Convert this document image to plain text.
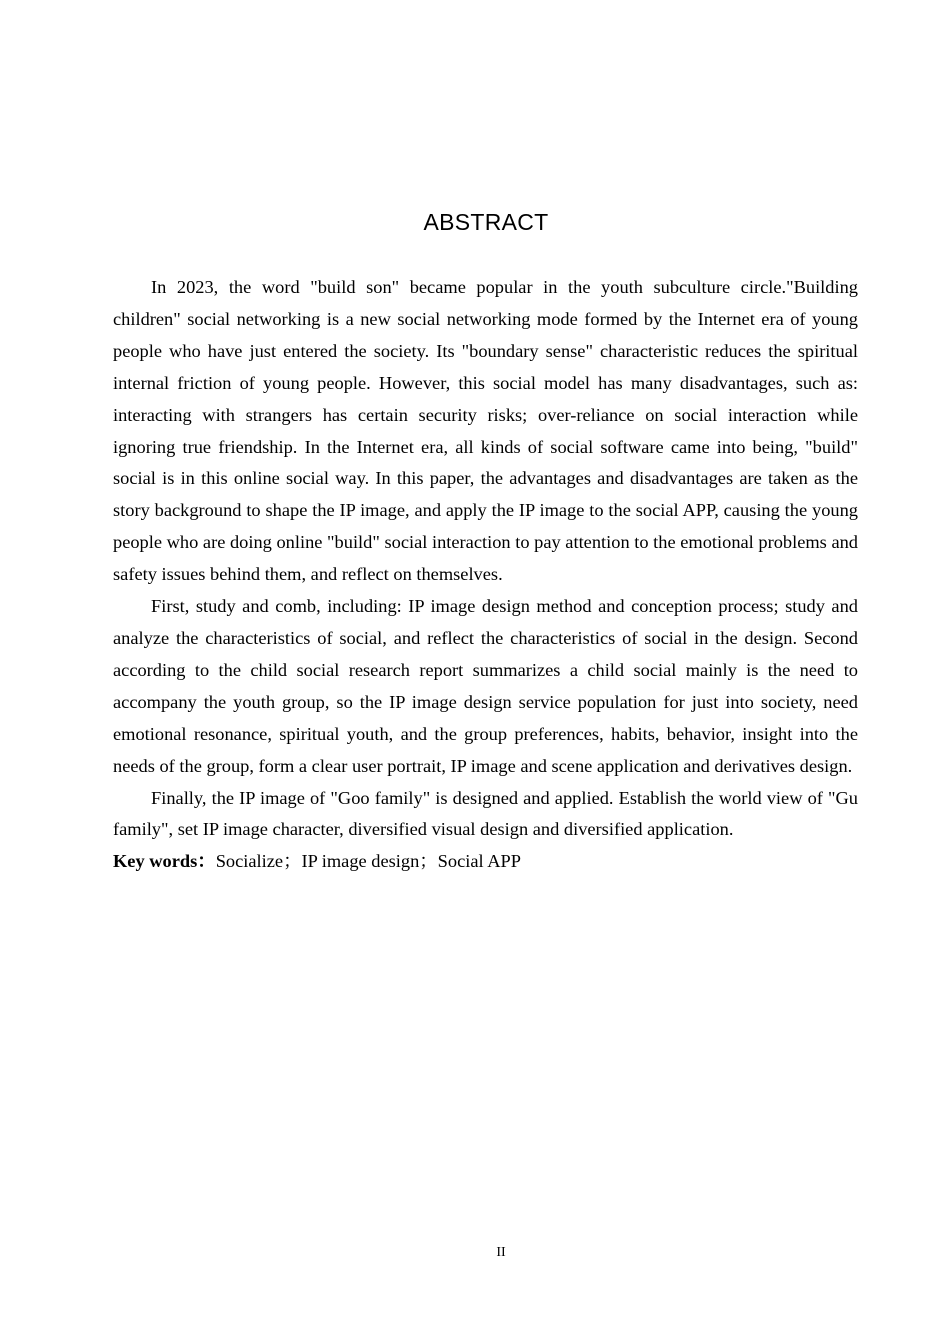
ABSTRACT

In 2023, the word "build son" became popular in the youth subculture circle."Building children" social networking is a new social networking mode formed by the Internet era of young people who have just entered the society. Its "boundary sense" characteristic reduces the spiritual internal friction of young people. However, this social model has many disadvantages, such as: interacting with strangers has certain security risks; over-reliance on social interaction while ignoring true friendship. In the Internet era, all kinds of social software came into being, "build" social is in this online social way. In this paper, the advantages and disadvantages are taken as the story background to shape the IP image, and apply the IP image to the social APP, causing the young people who are doing online "build" social interaction to pay attention to the emotional problems and safety issues behind them, and reflect on themselves.

First, study and comb, including: IP image design method and conception process; study and analyze the characteristics of social, and reflect the characteristics of social in the design. Second according to the child social research report summarizes a child social mainly is the need to accompany the youth group, so the IP image design service population for just into society, need emotional resonance, spiritual youth, and the group preferences, habits, behavior, insight into the needs of the group, form a clear user portrait, IP image and scene application and derivatives design.

Finally, the IP image of "Goo family" is designed and applied. Establish the world view of "Gu family", set IP image character, diversified visual design and diversified application.

Key words：Socialize；IP image design；Social APP

II
